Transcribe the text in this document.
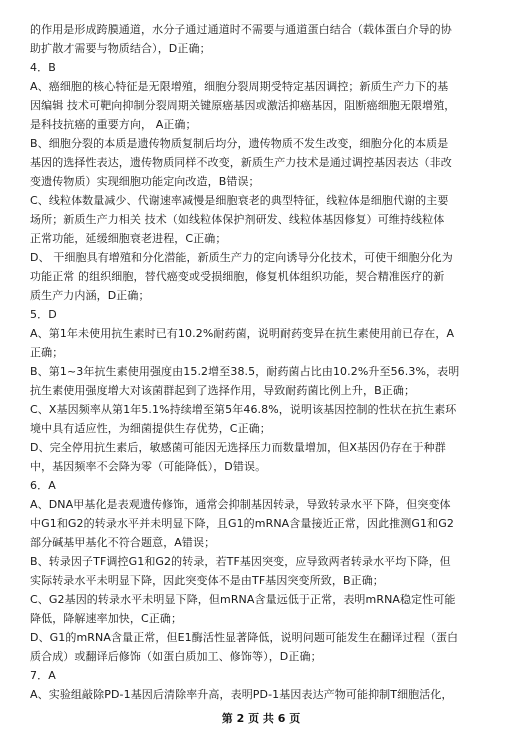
的作用是形成跨膜通道，水分子通过通道时不需要与通道蛋白结合（载体蛋白介导的协
助扩散才需要与物质结合），D正确；
4．B
A、癌细胞的核心特征是无限增殖，细胞分裂周期受特定基因调控；新质生产力下的基
因编辑 技术可靶向抑制分裂周期关键原癌基因或激活抑癌基因，阻断癌细胞无限增殖，
是科技抗癌的重要方向， A正确；
B、细胞分裂的本质是遗传物质复制后均分，遗传物质不发生改变，细胞分化的本质是
基因的选择性表达，遗传物质同样不改变，新质生产力技术是通过调控基因表达（非改
变遗传物质）实现细胞功能定向改造，B错误；
C、线粒体数量减少、代谢速率减慢是细胞衰老的典型特征，线粒体是细胞代谢的主要
场所；新质生产力相关 技术（如线粒体保护剂研发、线粒体基因修复）可维持线粒体
正常功能，延缓细胞衰老进程，C正确；
D、 干细胞具有增殖和分化潜能，新质生产力的定向诱导分化技术，可使干细胞分化为
功能正常 的组织细胞，替代癌变或受损细胞，修复机体组织功能，契合精准医疗的新
质生产力内涵，D正确；
5．D
A、第1年未使用抗生素时已有10.2%耐药菌，说明耐药变异在抗生素使用前已存在，A
正确；
B、第1~3年抗生素使用强度由15.2增至38.5，耐药菌占比由10.2%升至56.3%，表明
抗生素使用强度增大对该菌群起到了选择作用，导致耐药菌比例上升，B正确；
C、X基因频率从第1年5.1%持续增至第5年46.8%，说明该基因控制的性状在抗生素环
境中具有适应性，为细菌提供生存优势，C正确；
D、完全停用抗生素后，敏感菌可能因无选择压力而数量增加，但X基因仍存在于种群
中，基因频率不会降为零（可能降低），D错误。
6．A
A、DNA甲基化是表观遗传修饰，通常会抑制基因转录，导致转录水平下降，但突变体
中G1和G2的转录水平并未明显下降，且G1的mRNA含量接近正常，因此推测G1和G2
部分碱基甲基化不符合题意，A错误；
B、转录因子TF调控G1和G2的转录，若TF基因突变，应导致两者转录水平均下降，但
实际转录水平未明显下降，因此突变体不是由TF基因突变所致，B正确；
C、G2基因的转录水平未明显下降，但mRNA含量远低于正常，表明mRNA稳定性可能
降低，降解速率加快，C正确；
D、G1的mRNA含量正常，但E1酶活性显著降低，说明问题可能发生在翻译过程（蛋白
质合成）或翻译后修饰（如蛋白质加工、修饰等），D正确；
7．A
A、实验组敲除PD-1基因后清除率升高，表明PD-1基因表达产物可能抑制T细胞活化，
第 2 页 共 6 页
